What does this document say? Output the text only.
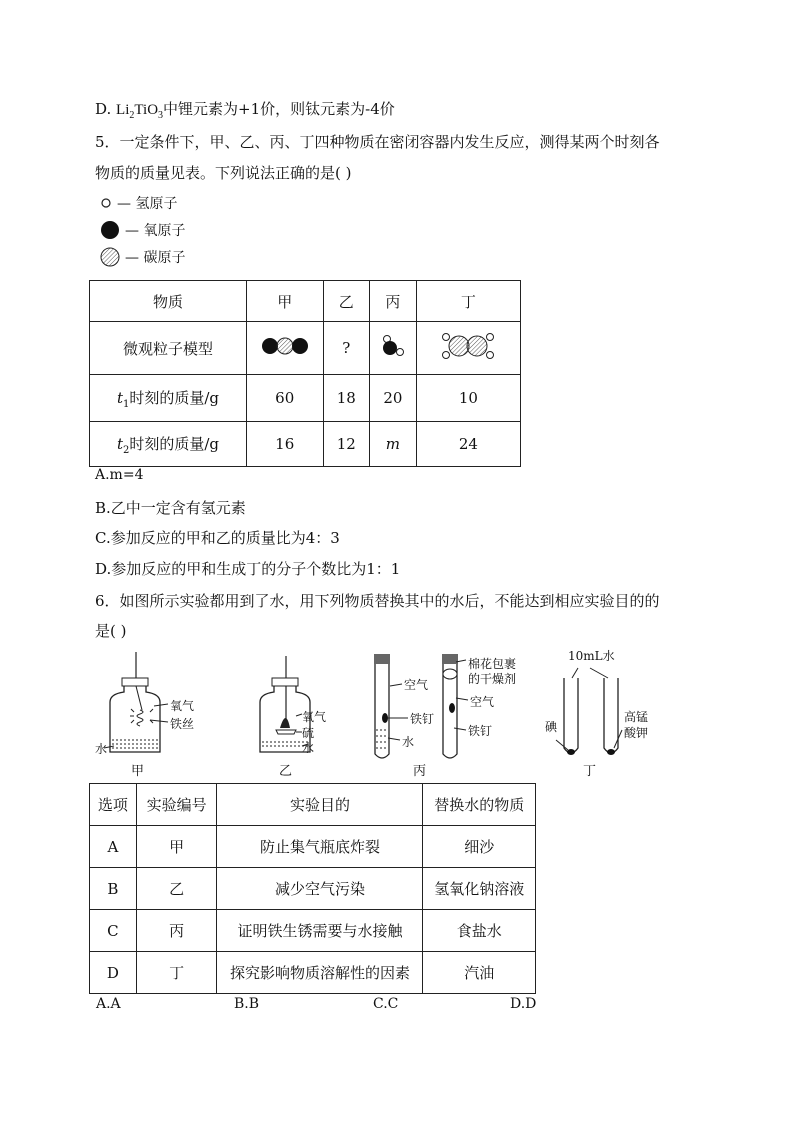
D. $Li_2TiO_3$中锂元素为+1价，则钛元素为-4价
5．一定条件下，甲、乙、丙、丁四种物质在密闭容器内发生反应，测得某两个时刻各
物质的质量见表。下列说法正确的是( )
— 氢原子
— 氧原子
— 碳原子
物质	甲	乙	丙	丁
微观粒子模型		?		
$t_1$时刻的质量/g	60	18	20	10
$t_2$时刻的质量/g	16	12	m	24
A.m=4
B.乙中一定含有氢元素
C.参加反应的甲和乙的质量比为4：3
D.参加反应的甲和生成丁的分子个数比为1：1
6．如图所示实验都用到了水，用下列物质替换其中的水后，不能达到相应实验目的的
是( )
氧气
铁丝
水
甲
氧气
硫
水
乙
空气
铁钉
水
棉花包裹
的干燥剂
空气
铁钉
丙
10mL水
碘
高锰
酸钾
丁
选项	实验编号	实验目的	替换水的物质
A	甲	防止集气瓶底炸裂	细沙
B	乙	减少空气污染	氢氧化钠溶液
C	丙	证明铁生锈需要与水接触	食盐水
D	丁	探究影响物质溶解性的因素	汽油
A.A	B.B	C.C	D.D
